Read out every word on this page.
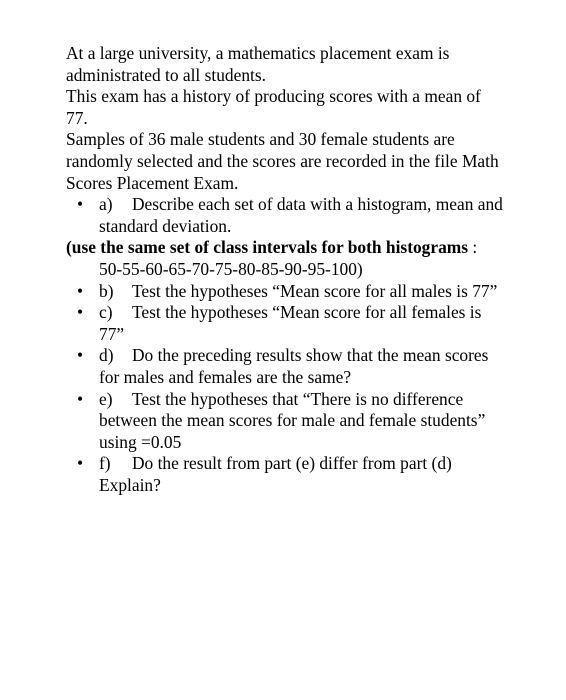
At a large university, a mathematics placement exam is administrated to all students.

This exam has a history of producing scores with a mean of 77.

Samples of 36 male students and 30 female students are randomly selected and the scores are recorded in the file Math Scores Placement Exam.

• a) Describe each set of data with a histogram, mean and standard deviation.

(use the same set of class intervals for both histograms :

50-55-60-65-70-75-80-85-90-95-100)

• b) Test the hypotheses “Mean score for all males is 77”
• c) Test the hypotheses “Mean score for all females is 77”
• d) Do the preceding results show that the mean scores for males and females are the same?
• e) Test the hypotheses that “There is no difference between the mean scores for male and female students” using =0.05
• f) Do the result from part (e) differ from part (d) Explain?
